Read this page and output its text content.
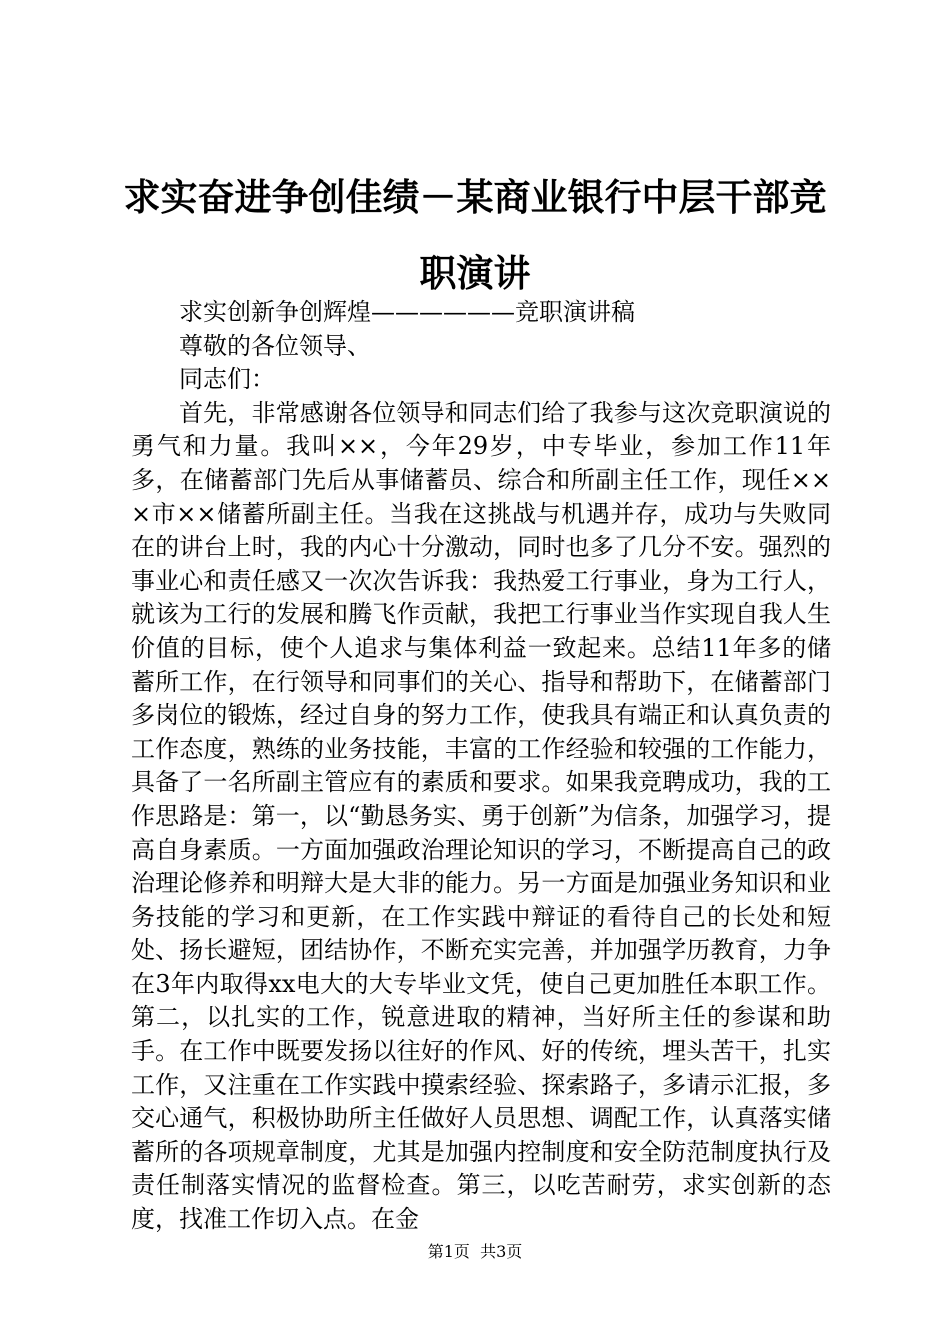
求实奋进争创佳绩－某商业银行中层干部竞职演讲

求实创新争创辉煌——————竞职演讲稿

尊敬的各位领导、

同志们：

首先，非常感谢各位领导和同志们给了我参与这次竞职演说的勇气和力量。我叫××，今年29岁，中专毕业，参加工作11年多，在储蓄部门先后从事储蓄员、综合和所副主任工作，现任×××市××储蓄所副主任。当我在这挑战与机遇并存，成功与失败同在的讲台上时，我的内心十分激动，同时也多了几分不安。强烈的事业心和责任感又一次次告诉我：我热爱工行事业，身为工行人，就该为工行的发展和腾飞作贡献，我把工行事业当作实现自我人生价值的目标，使个人追求与集体利益一致起来。总结11年多的储蓄所工作，在行领导和同事们的关心、指导和帮助下，在储蓄部门多岗位的锻炼，经过自身的努力工作，使我具有端正和认真负责的工作态度，熟练的业务技能，丰富的工作经验和较强的工作能力，具备了一名所副主管应有的素质和要求。如果我竞聘成功，我的工作思路是：第一，以“勤恳务实、勇于创新”为信条，加强学习，提高自身素质。一方面加强政治理论知识的学习，不断提高自己的政治理论修养和明辩大是大非的能力。另一方面是加强业务知识和业务技能的学习和更新，在工作实践中辩证的看待自己的长处和短处、扬长避短，团结协作，不断充实完善，并加强学历教育，力争在3年内取得xx电大的大专毕业文凭，使自己更加胜任本职工作。第二，以扎实的工作，锐意进取的精神，当好所主任的参谋和助手。在工作中既要发扬以往好的作风、好的传统，埋头苦干，扎实工作，又注重在工作实践中摸索经验、探索路子，多请示汇报，多交心通气，积极协助所主任做好人员思想、调配工作，认真落实储蓄所的各项规章制度，尤其是加强内控制度和安全防范制度执行及责任制落实情况的监督检查。第三，以吃苦耐劳，求实创新的态度，找准工作切入点。在金

第1页 共3页
